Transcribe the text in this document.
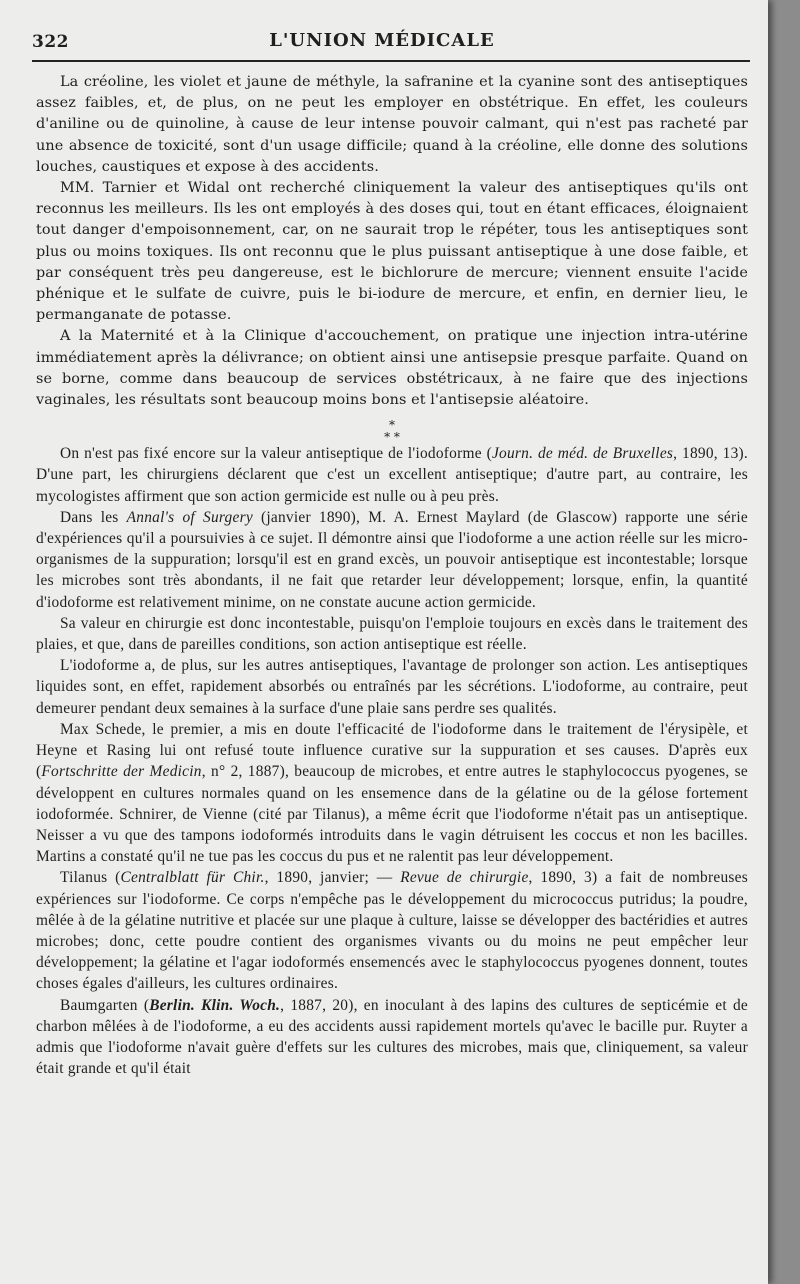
322	L'UNION MÉDICALE

La créoline, les violet et jaune de méthyle, la safranine et la cyanine sont des antiseptiques assez faibles, et, de plus, on ne peut les employer en obstétrique. En effet, les couleurs d'aniline ou de quinoline, à cause de leur intense pouvoir calmant, qui n'est pas racheté par une absence de toxicité, sont d'un usage difficile; quand à la créoline, elle donne des solutions louches, caustiques et expose à des accidents.

MM. Tarnier et Widal ont recherché cliniquement la valeur des antiseptiques qu'ils ont reconnus les meilleurs. Ils les ont employés à des doses qui, tout en étant efficaces, éloignaient tout danger d'empoisonnement, car, on ne saurait trop le répéter, tous les antiseptiques sont plus ou moins toxiques. Ils ont reconnu que le plus puissant antiseptique à une dose faible, et par conséquent très peu dangereuse, est le bichlorure de mercure; viennent ensuite l'acide phénique et le sulfate de cuivre, puis le bi-iodure de mercure, et enfin, en dernier lieu, le permanganate de potasse.

A la Maternité et à la Clinique d'accouchement, on pratique une injection intra-utérine immédiatement après la délivrance; on obtient ainsi une antisepsie presque parfaite. Quand on se borne, comme dans beaucoup de services obstétricaux, à ne faire que des injections vaginales, les résultats sont beaucoup moins bons et l'antisepsie aléatoire.

*
* *

On n'est pas fixé encore sur la valeur antiseptique de l'iodoforme (Journ. de méd. de Bruxelles, 1890, 13). D'une part, les chirurgiens déclarent que c'est un excellent antiseptique; d'autre part, au contraire, les mycologistes affirment que son action germicide est nulle ou à peu près.

Dans les Annal's of Surgery (janvier 1890), M. A. Ernest Maylard (de Glascow) rapporte une série d'expériences qu'il a poursuivies à ce sujet. Il démontre ainsi que l'iodoforme a une action réelle sur les micro-organismes de la suppuration; lorsqu'il est en grand excès, un pouvoir antiseptique est incontestable; lorsque les microbes sont très abondants, il ne fait que retarder leur développement; lorsque, enfin, la quantité d'iodoforme est relativement minime, on ne constate aucune action germicide.

Sa valeur en chirurgie est donc incontestable, puisqu'on l'emploie toujours en excès dans le traitement des plaies, et que, dans de pareilles conditions, son action antiseptique est réelle.

L'iodoforme a, de plus, sur les autres antiseptiques, l'avantage de prolonger son action. Les antiseptiques liquides sont, en effet, rapidement absorbés ou entraînés par les sécrétions. L'iodoforme, au contraire, peut demeurer pendant deux semaines à la surface d'une plaie sans perdre ses qualités.

Max Schede, le premier, a mis en doute l'efficacité de l'iodoforme dans le traitement de l'érysipèle, et Heyne et Rasing lui ont refusé toute influence curative sur la suppuration et ses causes. D'après eux (Fortschritte der Medicin, n° 2, 1887), beaucoup de microbes, et entre autres le staphylococcus pyogenes, se développent en cultures normales quand on les ensemence dans de la gélatine ou de la gélose fortement iodoformée. Schnirer, de Vienne (cité par Tilanus), a même écrit que l'iodoforme n'était pas un antiseptique. Neisser a vu que des tampons iodoformés introduits dans le vagin détruisent les coccus et non les bacilles. Martins a constaté qu'il ne tue pas les coccus du pus et ne ralentit pas leur développement.

Tilanus (Centralblatt für Chir., 1890, janvier; — Revue de chirurgie, 1890, 3) a fait de nombreuses expériences sur l'iodoforme. Ce corps n'empêche pas le développement du micrococcus putridus; la poudre, mêlée à de la gélatine nutritive et placée sur une plaque à culture, laisse se développer des bactéridies et autres microbes; donc, cette poudre contient des organismes vivants ou du moins ne peut empêcher leur développement; la gélatine et l'agar iodoformés ensemencés avec le staphylococcus pyogenes donnent, toutes choses égales d'ailleurs, les cultures ordinaires.

Baumgarten (Berlin. Klin. Woch., 1887, 20), en inoculant à des lapins des cultures de septicémie et de charbon mêlées à de l'iodoforme, a eu des accidents aussi rapidement mortels qu'avec le bacille pur. Ruyter a admis que l'iodoforme n'avait guère d'effets sur les cultures des microbes, mais que, cliniquement, sa valeur était grande et qu'il était
